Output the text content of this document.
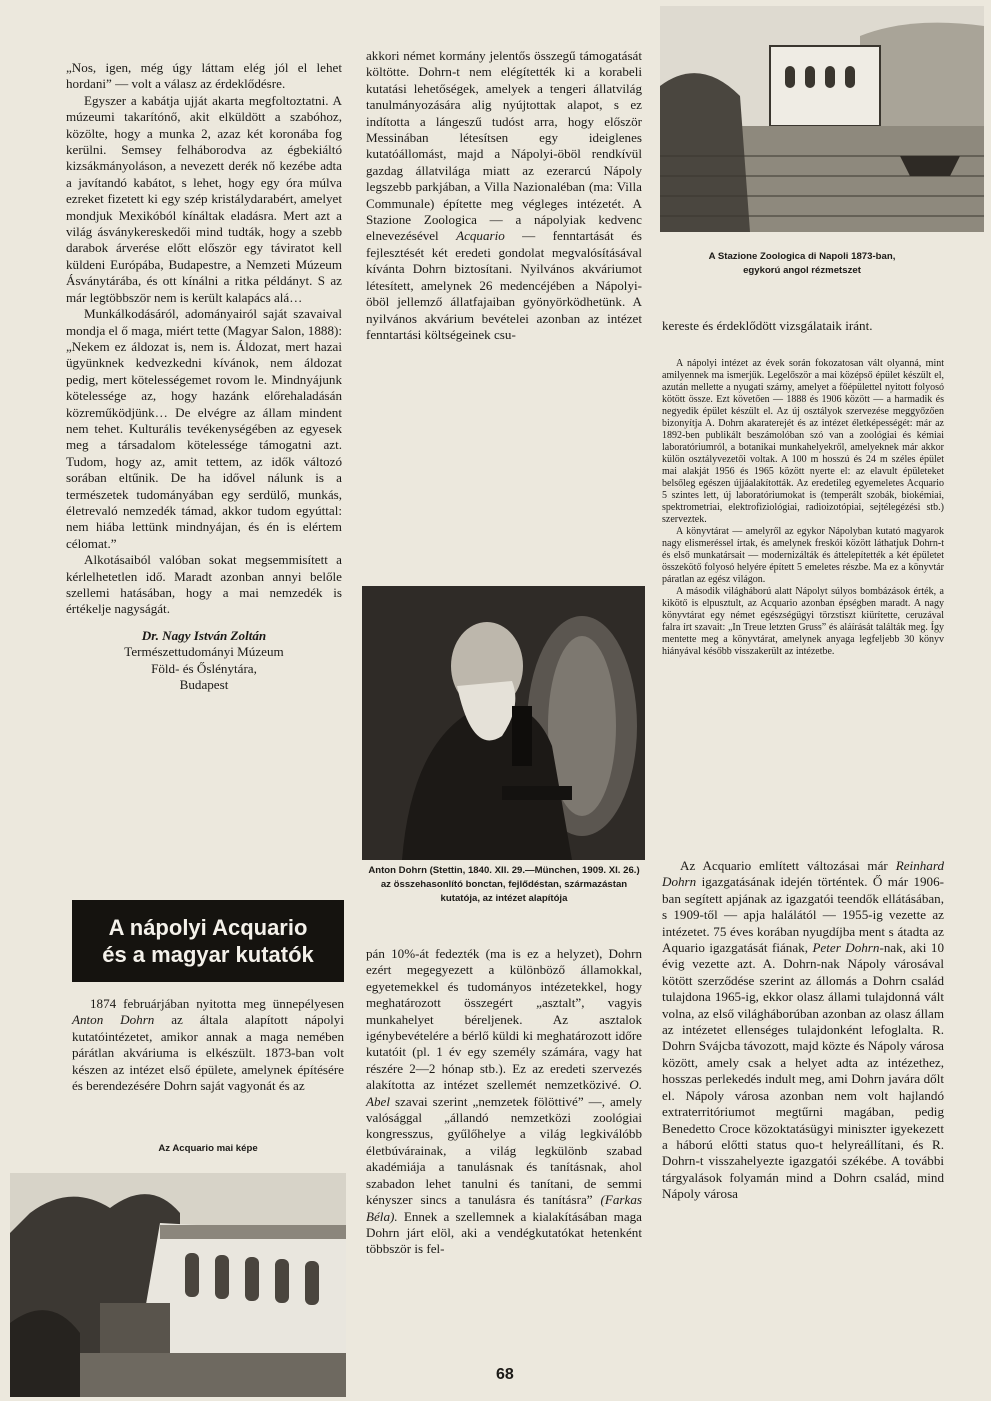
„Nos, igen, még úgy láttam elég jól el lehet hordani” — volt a válasz az érdeklődésre.

Egyszer a kabátja ujját akarta megfoltoztatni. A múzeumi takarítónő, akit elküldött a szabóhoz, közölte, hogy a munka 2, azaz két koronába fog kerülni. Semsey felháborodva az égbekiáltó kizsákmányoláson, a nevezett derék nő kezébe adta a javítandó kabátot, s lehet, hogy egy óra múlva ezreket fizetett ki egy szép kristálydarabért, amelyet mondjuk Mexikóból kínáltak eladásra. Mert azt a világ ásványkereskedői mind tudták, hogy a szebb darabok árverése előtt először egy táviratot kell küldeni Európába, Budapestre, a Nemzeti Múzeum Ásványtárába, és ott kínálni a ritka példányt. S az már legtöbbször nem is került kalapács alá…

Munkálkodásáról, adományairól saját szavaival mondja el ő maga, miért tette (Magyar Salon, 1888): „Nekem ez áldozat is, nem is. Áldozat, mert hazai ügyünknek kedvezkedni kívánok, nem áldozat pedig, mert kötelességemet rovom le. Mindnyájunk kötelessége az, hogy hazánk előrehaladásán közreműködjünk… De elvégre az állam mindent nem tehet. Kulturális tevékenységében az egyesek meg a társadalom kötelessége támogatni azt. Tudom, hogy az, amit tettem, az idők változó sorában eltűnik. De ha idővel nálunk is a természetek tudományában egy serdülő, munkás, életrevaló nemzedék támad, akkor tudom egyúttal: nem hiába lettünk mindnyájan, és én is elértem célomat.”

Alkotásaiból valóban sokat megsemmisített a kérlelhetetlen idő. Maradt azonban annyi belőle szellemi hatásában, hogy a mai nemzedék is értékelje nagyságát.

Dr. Nagy István Zoltán
Természettudományi Múzeum
Föld- és Őslénytára,
Budapest
A nápolyi Acquario
és a magyar kutatók

1874 februárjában nyitotta meg ünnepélyesen Anton Dohrn az általa alapított nápolyi kutatóintézetet, amikor annak a maga nemében párátlan akváriuma is elkészült. 1873-ban volt készen az intézet első épülete, amelynek építésére és berendezésére Dohrn saját vagyonát és az

Az Acquario mai képe

akkori német kormány jelentős összegű támogatását költötte. Dohrn-t nem elégítették ki a korabeli kutatási lehetőségek, amelyek a tengeri állatvilág tanulmányozására alig nyújtottak alapot, s ez indította a lángeszű tudóst arra, hogy először Messinában létesítsen egy ideiglenes kutatóállomást, majd a Nápolyi-öböl rendkívül gazdag állatvilága miatt az ezerarcú Nápoly legszebb parkjában, a Villa Nazionaléban (ma: Villa Communale) építette meg végleges intézetét. A Stazione Zoologica — a nápolyiak kedvenc elnevezésével Acquario — fenntartását és fejlesztését két eredeti gondolat megvalósításával kívánta Dohrn biztosítani. Nyilvános akváriumot létesített, amelynek 26 medencéjében a Nápolyi-öböl jellemző állatfajaiban gyönyörködhetünk. A nyilvános akvárium bevételei azonban az intézet fenntartási költségeinek csu-

Anton Dohrn (Stettin, 1840. XII. 29.—München, 1909. XI. 26.) az összehasonlító bonctan, fejlődéstan, származástan kutatója, az intézet alapítója

pán 10%-át fedezték (ma is ez a helyzet), Dohrn ezért megegyezett a különböző államokkal, egyetemekkel és tudományos intézetekkel, hogy meghatározott összegért „asztalt”, vagyis munkahelyet béreljenek. Az asztalok igénybevételére a bérlő küldi ki meghatározott időre kutatóit (pl. 1 év egy személy számára, vagy hat részére 2—2 hónap stb.). Ez az eredeti szervezés alakította az intézet szellemét nemzetközivé. O. Abel szavai szerint „nemzetek fölöttivé” —, amely valósággal „állandó nemzetközi zoológiai kongresszus, gyűlőhelye a világ legkiválóbb életbúvárainak, a világ legkülönb szabad akadémiája a tanulásnak és tanításnak, ahol szabadon lehet tanulni és tanítani, de semmi kényszer sincs a tanulásra és tanításra” (Farkas Béla). Ennek a szellemnek a kialakításában maga Dohrn járt elöl, aki a vendégkutatókat hetenként többször is fel-

A Stazione Zoologica di Napoli 1873-ban,
egykorú angol rézmetszet

kereste és érdeklődött vizsgálataik iránt.

A nápolyi intézet az évek során fokozatosan vált olyanná, mint amilyennek ma ismerjük. Legelőször a mai középső épület készült el, azután mellette a nyugati szárny, amelyet a főépülettel nyitott folyosó kötött össze. Ezt követően — 1888 és 1906 között — a harmadik és negyedik épület készült el. Az új osztályok szervezése meggyőzően bizonyítja A. Dohrn akaraterejét és az intézet életképességét: már az 1892-ben publikált beszámolóban szó van a zoológiai és kémiai laboratóriumról, a botanikai munkahelyekről, amelyeknek már akkor külön osztályvezetői voltak. A 100 m hosszú és 24 m széles épület mai alakját 1956 és 1965 között nyerte el: az elavult épületeket belsőleg egészen újjáalakították. Az eredetileg egyemeletes Acquario 5 szintes lett, új laboratóriumokat is (temperált szobák, biokémiai, spektrometriai, elektrofiziológiai, radioizotópiai, sejtélegézési stb.) szerveztek.

A könyvtárat — amelyről az egykor Nápolyban kutató magyarok nagy elismeréssel írtak, és amelynek freskói között láthatjuk Dohrn-t és első munkatársait — modernizálták és áttelepítették a két épületet összekötő folyosó helyére épített 5 emeletes részbe. Ma ez a könyvtár páratlan az egész világon.

A második világháború alatt Nápolyt súlyos bombázások érték, a kikötő is elpusztult, az Acquario azonban épségben maradt. A nagy könyvtárat egy német egészségügyi törzstiszt kiürítette, ceruzával falra írt szavait: „In Treue letzten Gruss” és aláírását találták meg. Így mentette meg a könyvtárat, amelynek anyaga legfeljebb 30 könyv hiányával később visszakerült az intézetbe.

Az Acquario említett változásai már Reinhard Dohrn igazgatásának idején történtek. Ő már 1906-ban segített apjának az igazgatói teendők ellátásában, s 1909-től — apja halálától — 1955-ig vezette az intézetet. 75 éves korában nyugdíjba ment s átadta az Aquario igazgatását fiának, Peter Dohrn-nak, aki 10 évig vezette azt. A. Dohrn-nak Nápoly városával kötött szerződése szerint az állomás a Dohrn család tulajdona 1965-ig, ekkor olasz állami tulajdonná vált volna, az első világháborúban azonban az olasz állam az intézetet ellenséges tulajdonként lefoglalta. R. Dohrn Svájcba távozott, majd közte és Nápoly városa között, amely csak a helyet adta az intézethez, hosszas perlekedés indult meg, ami Dohrn javára dőlt el. Nápoly városa azonban nem volt hajlandó extraterritóriumot megtűrni magában, pedig Benedetto Croce közoktatásügyi miniszter igyekezett a háború előtti status quo-t helyreállítani, és R. Dohrn-t visszahelyezte igazgatói székébe. A további tárgyalások folyamán mind a Dohrn család, mind Nápoly városa

68
